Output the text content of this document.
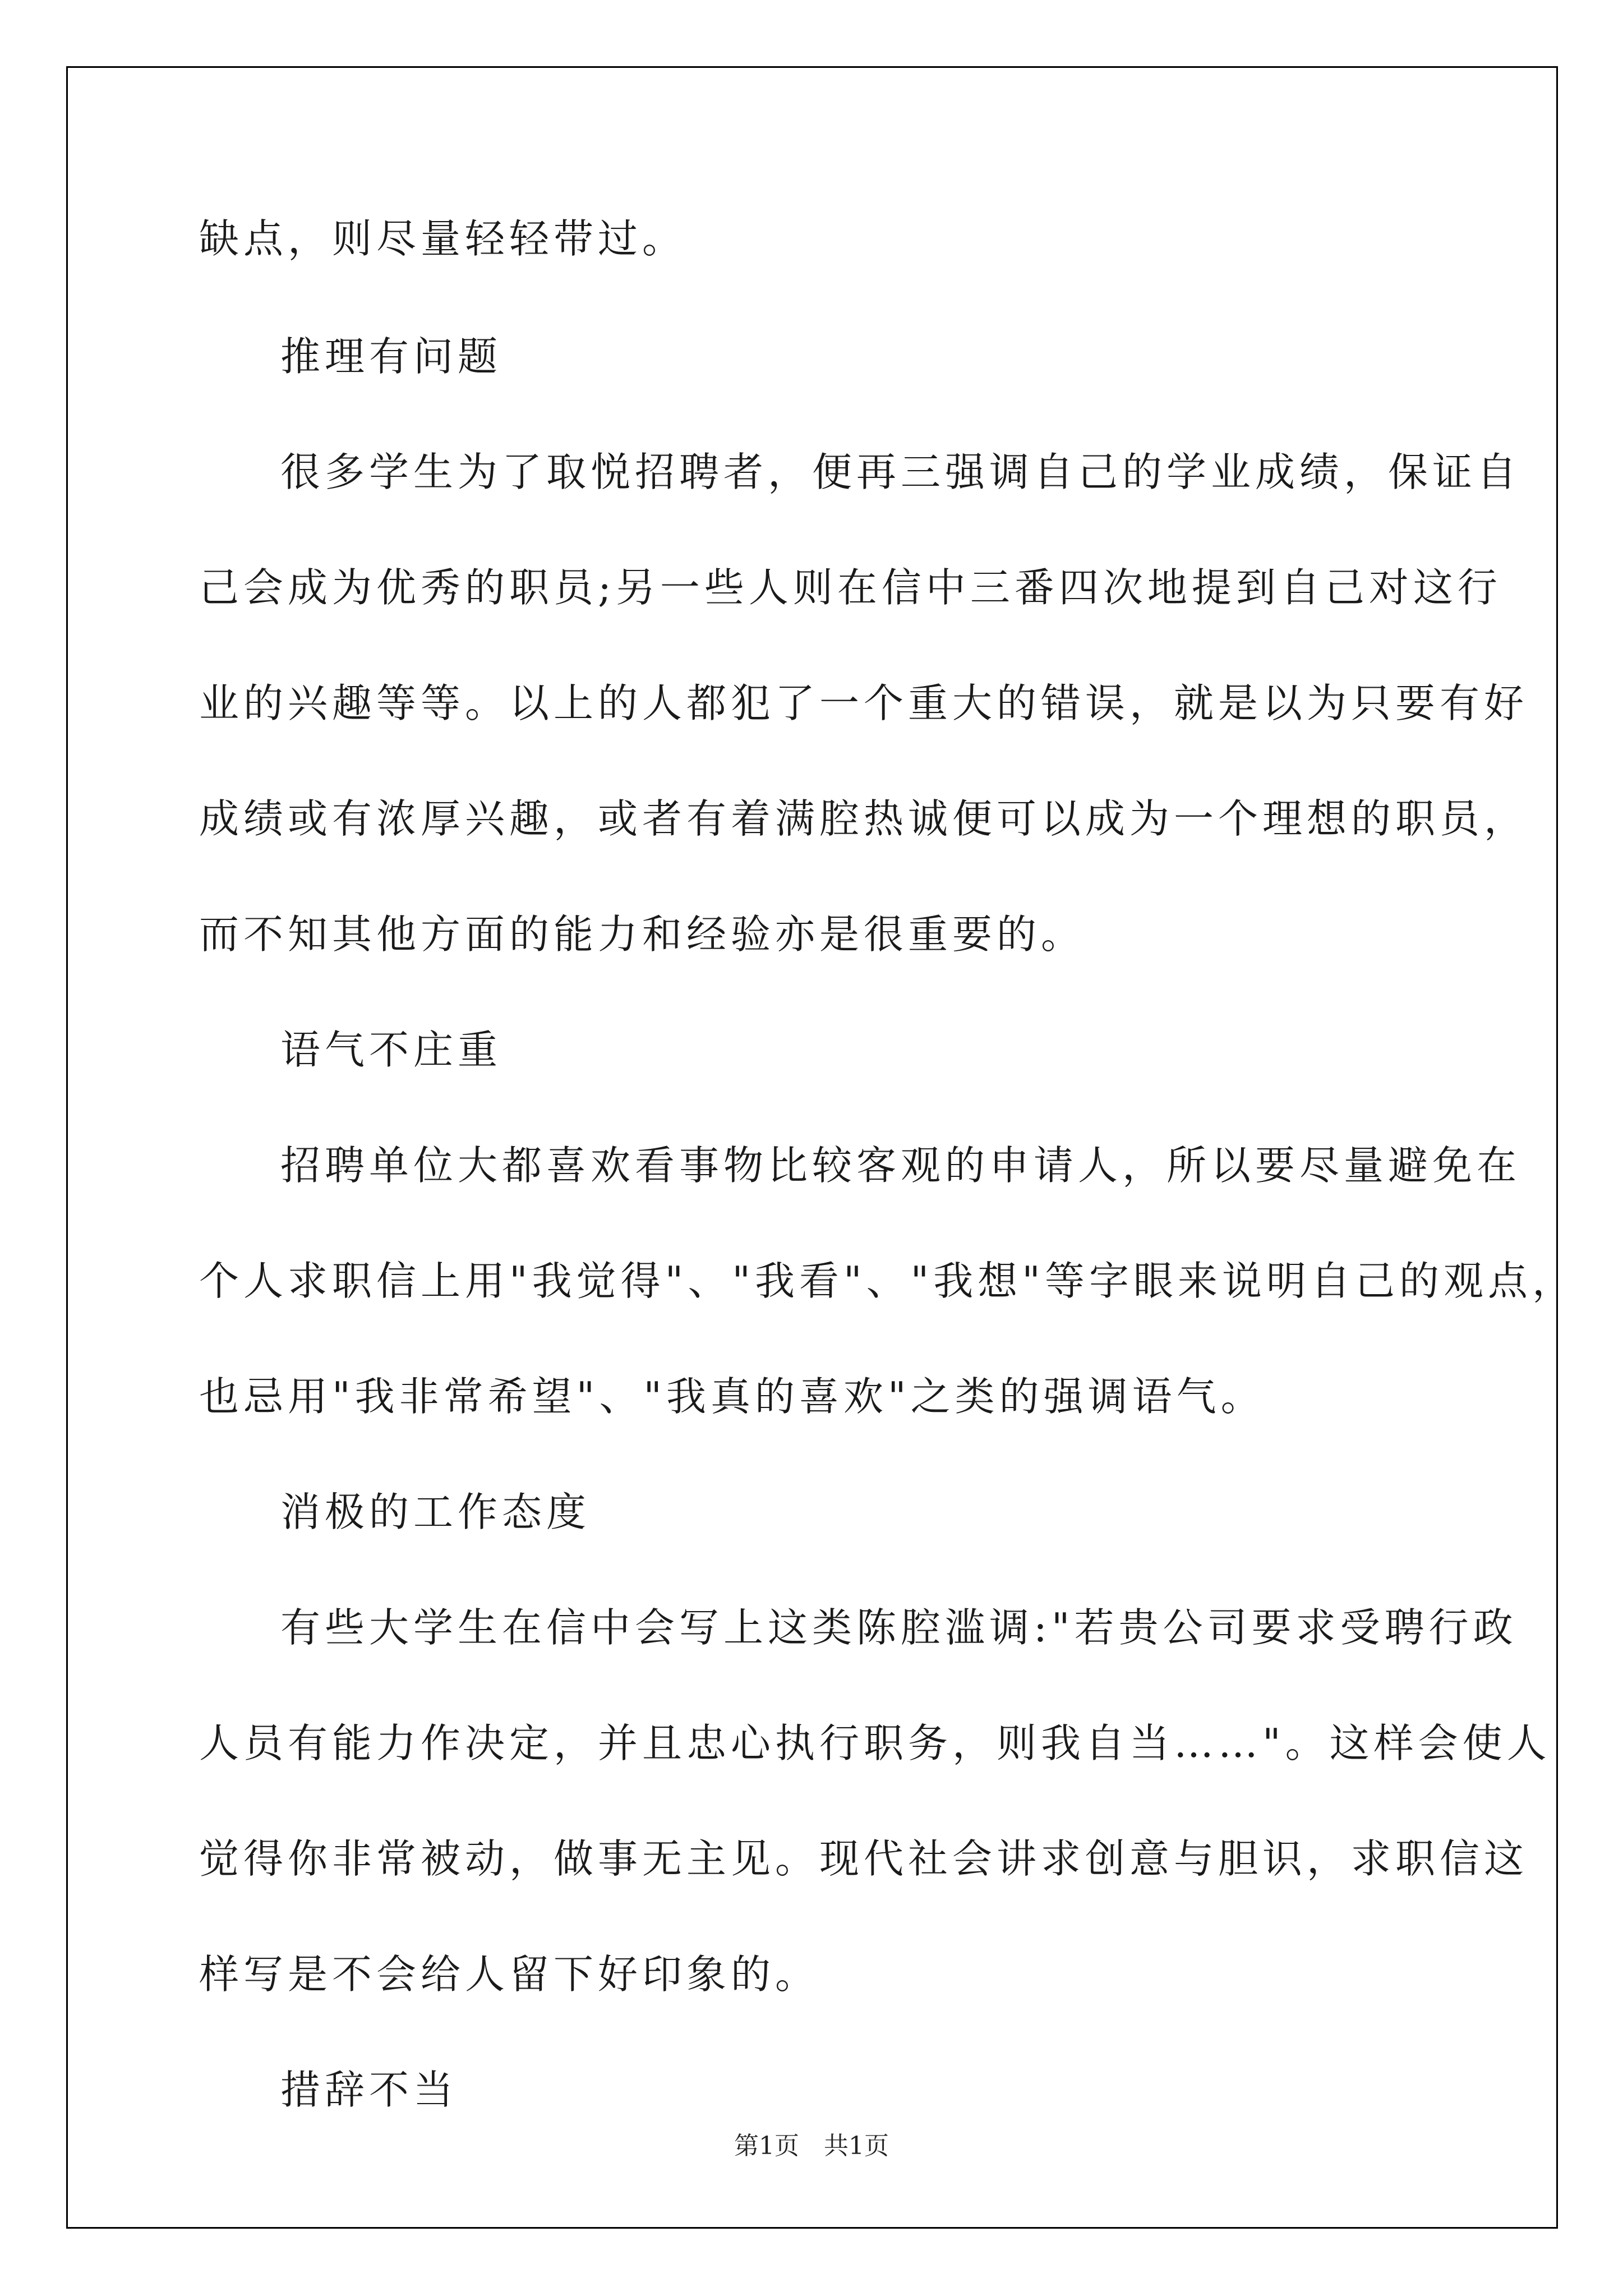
缺点，则尽量轻轻带过。
推理有问题
很多学生为了取悦招聘者，便再三强调自己的学业成绩，保证自
己会成为优秀的职员;另一些人则在信中三番四次地提到自己对这行
业的兴趣等等。以上的人都犯了一个重大的错误，就是以为只要有好
成绩或有浓厚兴趣，或者有着满腔热诚便可以成为一个理想的职员，
而不知其他方面的能力和经验亦是很重要的。
语气不庄重
招聘单位大都喜欢看事物比较客观的申请人，所以要尽量避免在
个人求职信上用"我觉得"、"我看"、"我想"等字眼来说明自己的观点，
也忌用"我非常希望"、"我真的喜欢"之类的强调语气。
消极的工作态度
有些大学生在信中会写上这类陈腔滥调:"若贵公司要求受聘行政
人员有能力作决定，并且忠心执行职务，则我自当……"。这样会使人
觉得你非常被动，做事无主见。现代社会讲求创意与胆识，求职信这
样写是不会给人留下好印象的。
措辞不当
第1页 共1页
